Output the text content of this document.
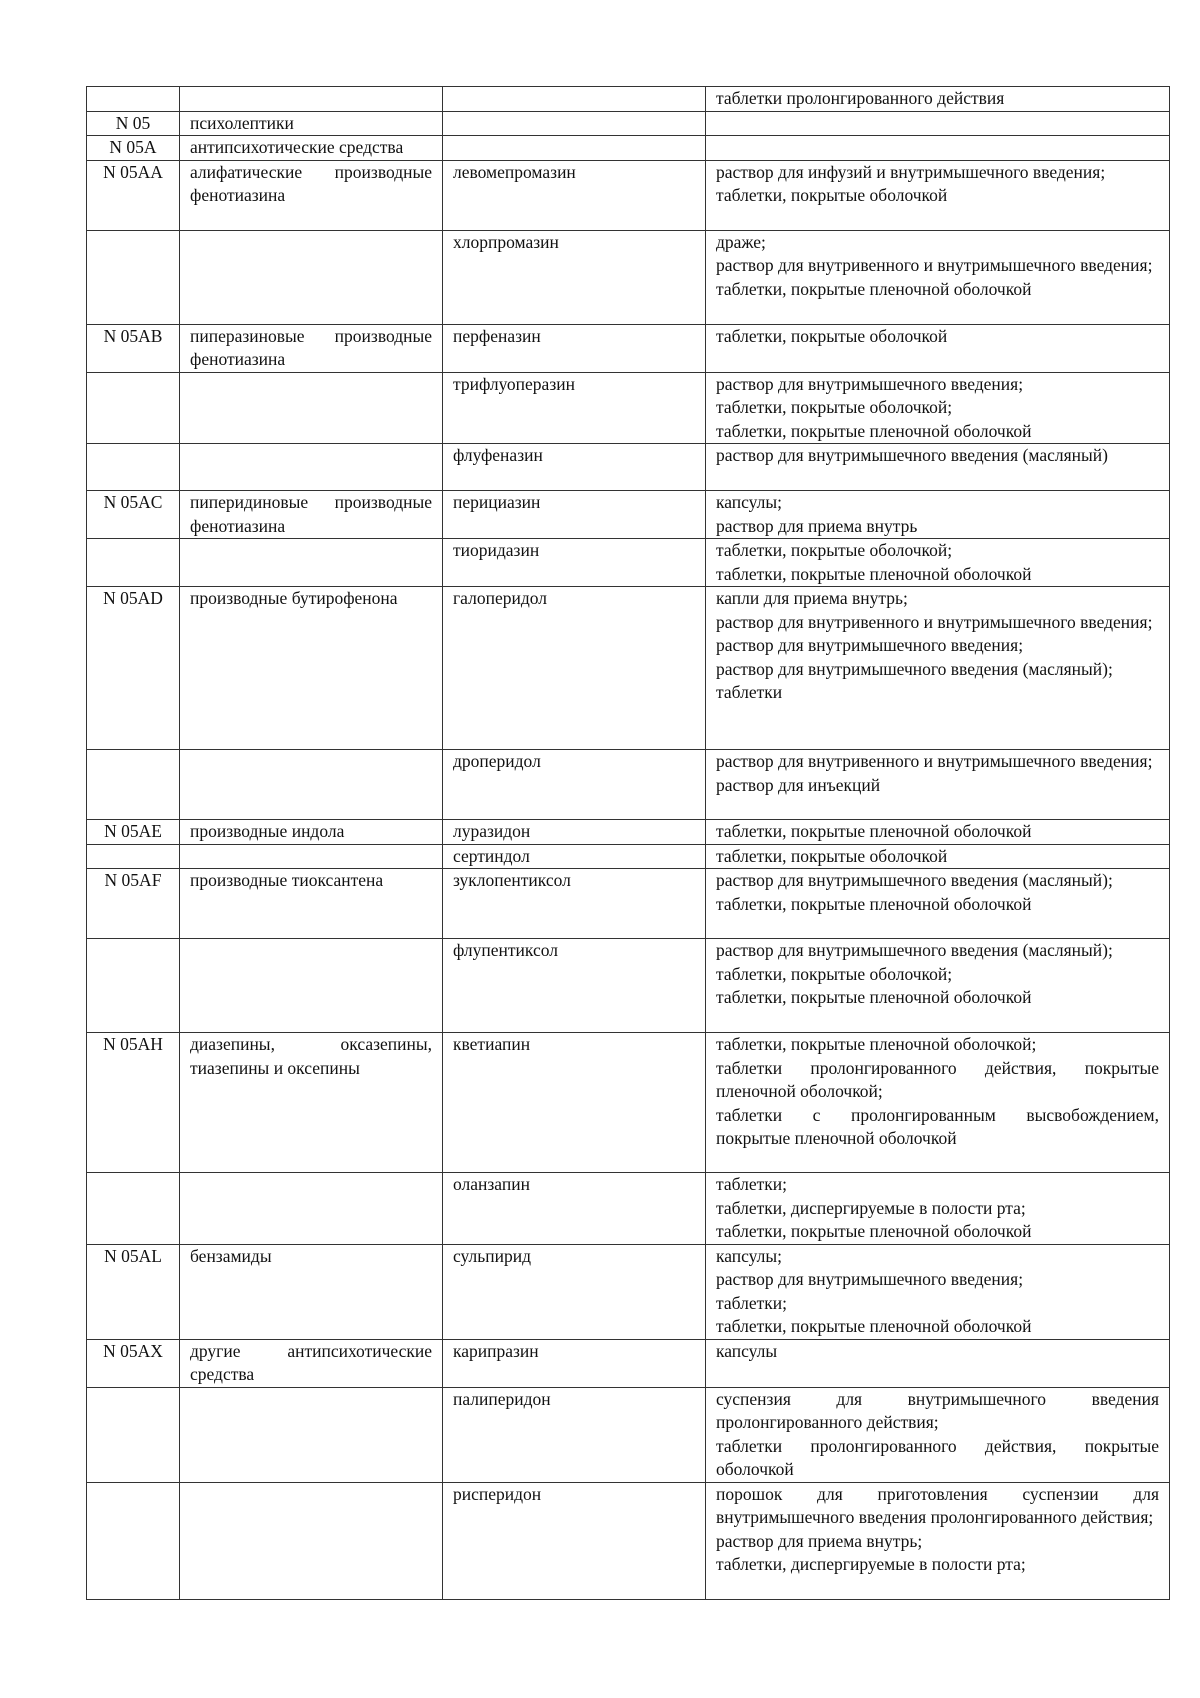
			таблетки пролонгированного действия

N 05	психолептики		
N 05A	антипсихотические средства		
N 05AA	алифатические производные фенотиазина	левомепромазин	раствор для инфузий и внутримышечного введения;
таблетки, покрытые оболочкой

		хлорпромазин	драже;
раствор для внутривенного и внутримышечного введения;
таблетки, покрытые пленочной оболочкой

N 05AB	пиперазиновые производные фенотиазина	перфеназин	таблетки, покрытые оболочкой

		трифлуоперазин	раствор для внутримышечного введения;
таблетки, покрытые оболочкой;
таблетки, покрытые пленочной оболочкой

		флуфеназин	раствор для внутримышечного введения (масляный)

N 05AC	пиперидиновые производные фенотиазина	перициазин	капсулы;
раствор для приема внутрь

		тиоридазин	таблетки, покрытые оболочкой;
таблетки, покрытые пленочной оболочкой

N 05AD	производные бутирофенона	галоперидол	капли для приема внутрь;
раствор для внутривенного и внутримышечного введения;
раствор для внутримышечного введения;
раствор для внутримышечного введения (масляный);
таблетки

		дроперидол	раствор для внутривенного и внутримышечного введения;
раствор для инъекций

N 05AE	производные индола	луразидон	таблетки, покрытые пленочной оболочкой

		сертиндол	таблетки, покрытые оболочкой

N 05AF	производные тиоксантена	зуклопентиксол	раствор для внутримышечного введения (масляный);
таблетки, покрытые пленочной оболочкой

		флупентиксол	раствор для внутримышечного введения (масляный);
таблетки, покрытые оболочкой;
таблетки, покрытые пленочной оболочкой

N 05AH	диазепины, оксазепины, тиазепины и оксепины	кветиапин	таблетки, покрытые пленочной оболочкой;
таблетки пролонгированного действия, покрытые пленочной оболочкой;
таблетки с пролонгированным высвобождением, покрытые пленочной оболочкой

		оланзапин	таблетки;
таблетки, диспергируемые в полости рта;
таблетки, покрытые пленочной оболочкой

N 05AL	бензамиды	сульпирид	капсулы;
раствор для внутримышечного введения;
таблетки;
таблетки, покрытые пленочной оболочкой

N 05AX	другие антипсихотические средства	карипразин	капсулы

		палиперидон	суспензия для внутримышечного введения пролонгированного действия;
таблетки пролонгированного действия, покрытые оболочкой

		рисперидон	порошок для приготовления суспензии для внутримышечного введения пролонгированного действия;
раствор для приема внутрь;
таблетки, диспергируемые в полости рта;
